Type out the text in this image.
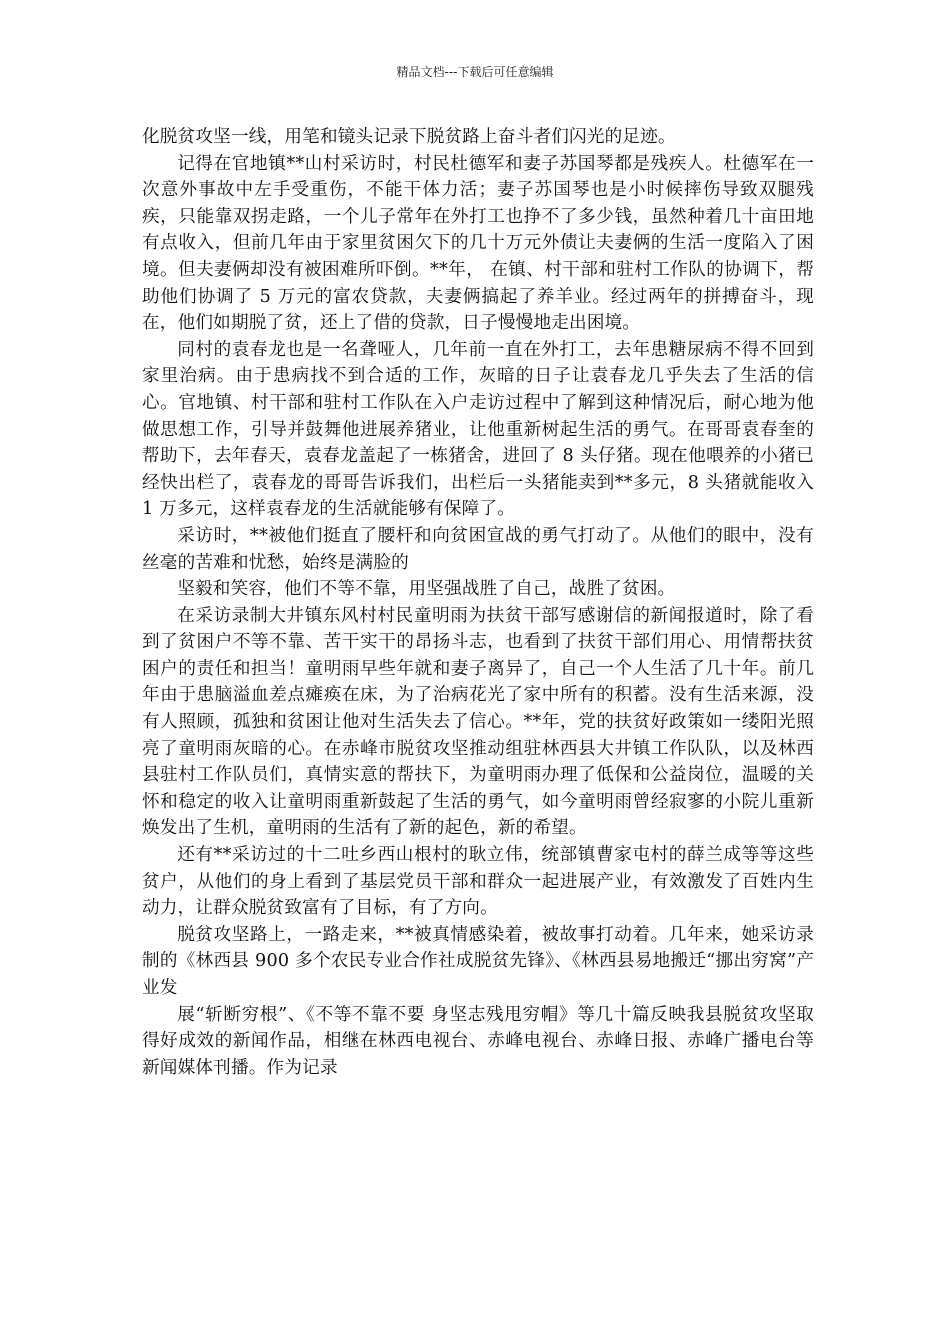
精品文档---下载后可任意编辑

化脱贫攻坚一线，用笔和镜头记录下脱贫路上奋斗者们闪光的足迹。

记得在官地镇**山村采访时，村民杜德军和妻子苏国琴都是残疾人。杜德军在一次意外事故中左手受重伤，不能干体力活；妻子苏国琴也是小时候摔伤导致双腿残疾，只能靠双拐走路，一个儿子常年在外打工也挣不了多少钱，虽然种着几十亩田地有点收入，但前几年由于家里贫困欠下的几十万元外债让夫妻俩的生活一度陷入了困境。但夫妻俩却没有被困难所吓倒。**年， 在镇、村干部和驻村工作队的协调下，帮助他们协调了 5 万元的富农贷款，夫妻俩搞起了养羊业。经过两年的拼搏奋斗，现在，他们如期脱了贫，还上了借的贷款，日子慢慢地走出困境。

同村的袁春龙也是一名聋哑人，几年前一直在外打工，去年患糖尿病不得不回到家里治病。由于患病找不到合适的工作，灰暗的日子让袁春龙几乎失去了生活的信心。官地镇、村干部和驻村工作队在入户走访过程中了解到这种情况后，耐心地为他做思想工作，引导并鼓舞他进展养猪业，让他重新树起生活的勇气。在哥哥袁春奎的帮助下，去年春天，袁春龙盖起了一栋猪舍，进回了 8 头仔猪。现在他喂养的小猪已经快出栏了，袁春龙的哥哥告诉我们，出栏后一头猪能卖到**多元，8 头猪就能收入 1 万多元，这样袁春龙的生活就能够有保障了。

采访时，**被他们挺直了腰杆和向贫困宣战的勇气打动了。从他们的眼中，没有丝毫的苦难和忧愁，始终是满脸的

坚毅和笑容，他们不等不靠，用坚强战胜了自己，战胜了贫困。

在采访录制大井镇东风村村民童明雨为扶贫干部写感谢信的新闻报道时，除了看到了贫困户不等不靠、苦干实干的昂扬斗志，也看到了扶贫干部们用心、用情帮扶贫困户的责任和担当！童明雨早些年就和妻子离异了，自己一个人生活了几十年。前几年由于患脑溢血差点瘫痪在床，为了治病花光了家中所有的积蓄。没有生活来源，没有人照顾，孤独和贫困让他对生活失去了信心。**年，党的扶贫好政策如一缕阳光照亮了童明雨灰暗的心。在赤峰市脱贫攻坚推动组驻林西县大井镇工作队队，以及林西县驻村工作队员们，真情实意的帮扶下，为童明雨办理了低保和公益岗位，温暖的关怀和稳定的收入让童明雨重新鼓起了生活的勇气，如今童明雨曾经寂寥的小院儿重新焕发出了生机，童明雨的生活有了新的起色，新的希望。

还有**采访过的十二吐乡西山根村的耿立伟，统部镇曹家屯村的薛兰成等等这些贫户，从他们的身上看到了基层党员干部和群众一起进展产业，有效激发了百姓内生动力，让群众脱贫致富有了目标，有了方向。

脱贫攻坚路上，一路走来，**被真情感染着，被故事打动着。几年来，她采访录制的《林西县 900 多个农民专业合作社成脱贫先锋》、《林西县易地搬迁“挪出穷窝”产业发

展“斩断穷根”、《不等不靠不要 身坚志残甩穷帽》等几十篇反映我县脱贫攻坚取得好成效的新闻作品，相继在林西电视台、赤峰电视台、赤峰日报、赤峰广播电台等新闻媒体刊播。作为记录
